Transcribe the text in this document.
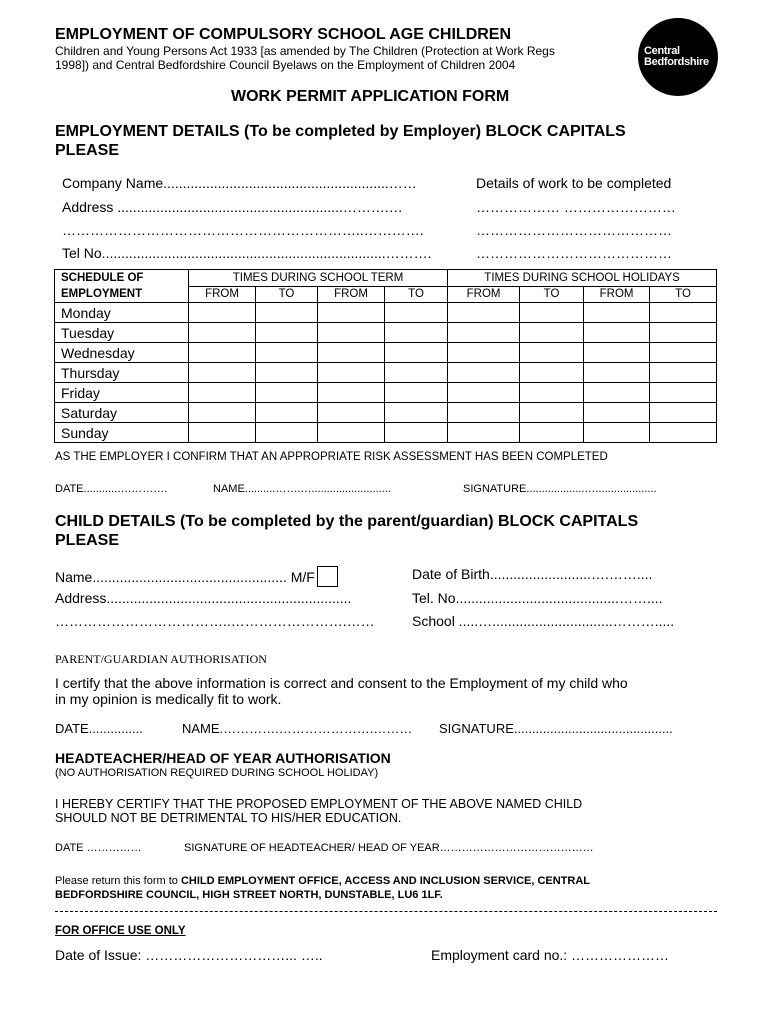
EMPLOYMENT OF COMPULSORY SCHOOL AGE CHILDREN
Children and Young Persons Act 1933 [as amended by The Children (Protection at Work Regs
1998]) and Central Bedfordshire Council Byelaws on the Employment of Children 2004
Central
Bedfordshire
WORK PERMIT APPLICATION FORM
EMPLOYMENT DETAILS (To be completed by Employer) BLOCK CAPITALS
PLEASE
Company Name..........................................................……	Details of work to be completed
Address ..........................................................……….…	……………… ……………………
………………………………………………………..………….	……………………………………
Tel No.........................................................................……….	……………………………………
SCHEDULE OF
EMPLOYMENT	TIMES DURING SCHOOL TERM				TIMES DURING SCHOOL HOLIDAYS			
	FROM	TO	FROM	TO	FROM	TO	FROM	TO
Monday								
Tuesday								
Wednesday								
Thursday								
Friday								
Saturday								
Sunday								
AS THE EMPLOYER I CONFIRM THAT AN APPROPRIATE RISK ASSESSMENT HAS BEEN COMPLETED
DATE...........….……….	NAME..........…….…..........................	SIGNATURE...................…....................
CHILD DETAILS (To be completed by the parent/guardian) BLOCK CAPITALS
PLEASE
Name.................................................. M/F	Date of Birth..........................….……....
Address...............................................................	Tel. No..........................................……....
………………………………..…………………….……	School .....…...............................……….....
PARENT/GUARDIAN AUTHORISATION
I certify that the above information is correct and consent to the Employment of my child who
in my opinion is medically fit to work.
DATE...............	NAME.………….………………….……… SIGNATURE............................................
HEADTEACHER/HEAD OF YEAR AUTHORISATION
(NO AUTHORISATION REQUIRED DURING SCHOOL HOLIDAY)
I HEREBY CERTIFY THAT THE PROPOSED EMPLOYMENT OF THE ABOVE NAMED CHILD
SHOULD NOT BE DETRIMENTAL TO HIS/HER EDUCATION.
DATE ……………	SIGNATURE OF HEADTEACHER/ HEAD OF YEAR……………………………………
Please return this form to CHILD EMPLOYMENT OFFICE, ACCESS AND INCLUSION SERVICE, CENTRAL
BEDFORDSHIRE COUNCIL, HIGH STREET NORTH, DUNSTABLE, LU6 1LF.
FOR OFFICE USE ONLY
Date of Issue: …………………………... …..	Employment card no.: …………………
